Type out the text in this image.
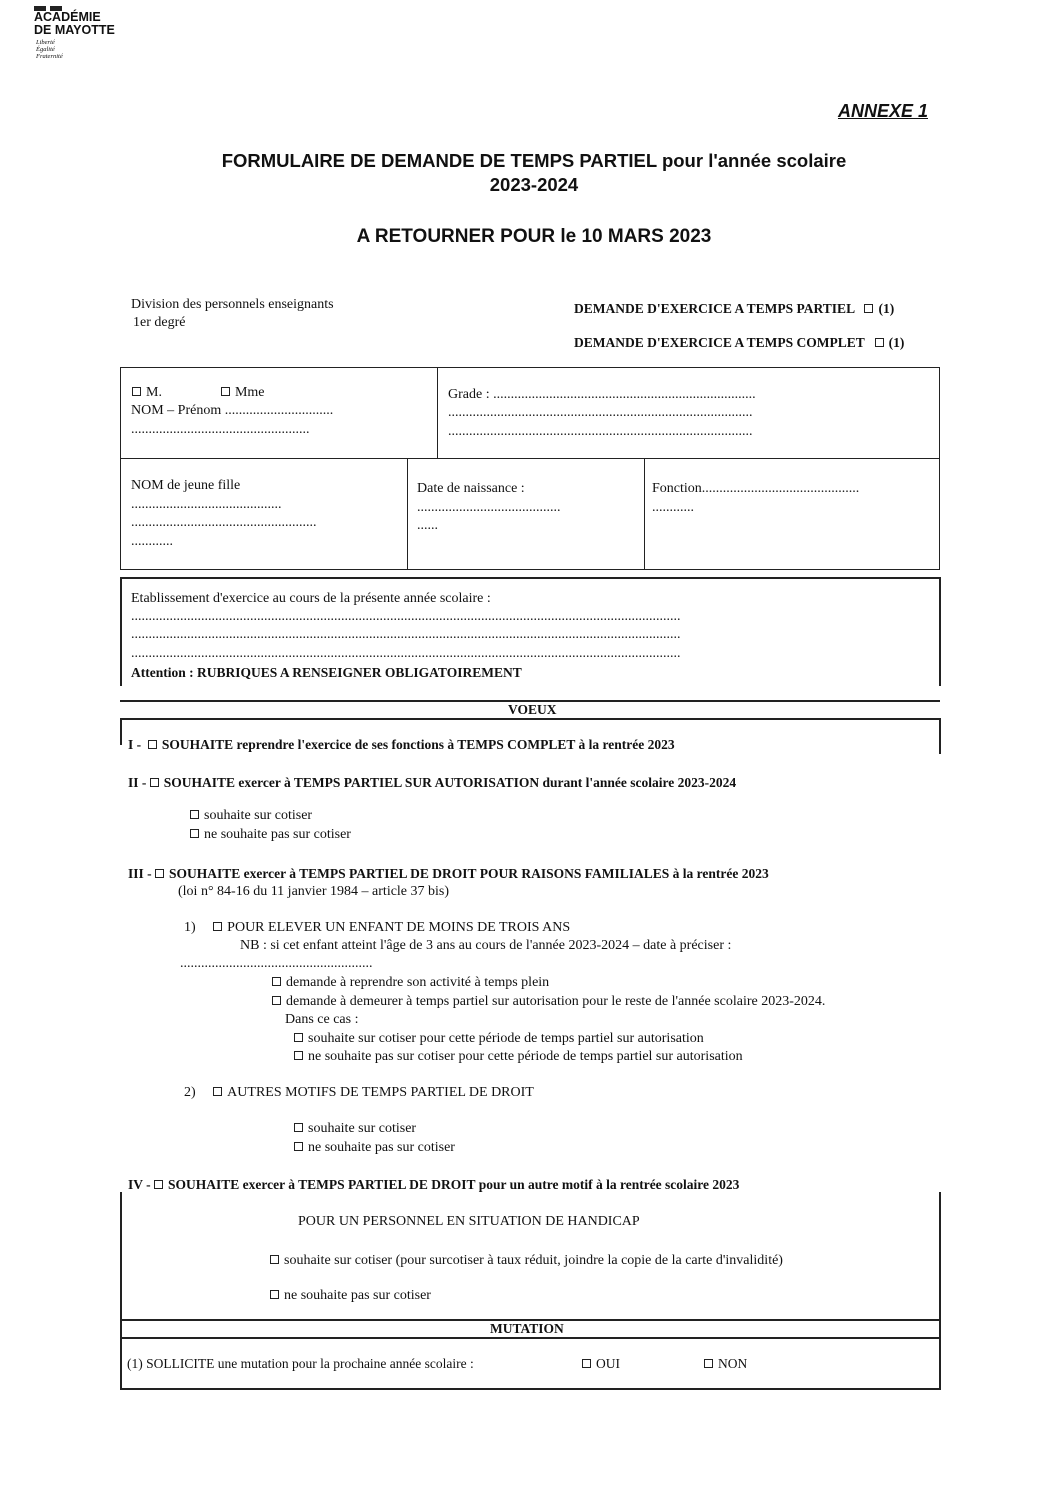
ACADÉMIE
DE MAYOTTE
Liberté
Égalité
Fraternité
ANNEXE 1
FORMULAIRE DE DEMANDE DE TEMPS PARTIEL pour l'année scolaire
2023-2024
A RETOURNER POUR le 10 MARS 2023
Division des personnels enseignants
1er degré
DEMANDE D'EXERCICE A TEMPS PARTIEL (1)
DEMANDE D'EXERCICE A TEMPS COMPLET (1)
M.	Mme
NOM – Prénom ...............................
...................................................
Grade : ...........................................................................
.......................................................................................
.......................................................................................
NOM de jeune fille
...........................................
.....................................................
............
Date de naissance :
.........................................
......
Fonction.............................................
............
Etablissement d'exercice au cours de la présente année scolaire :
.............................................................................................................................................................
.............................................................................................................................................................
.............................................................................................................................................................
Attention : RUBRIQUES A RENSEIGNER OBLIGATOIREMENT
VOEUX
I - SOUHAITE reprendre l'exercice de ses fonctions à TEMPS COMPLET à la rentrée 2023
II - SOUHAITE exercer à TEMPS PARTIEL SUR AUTORISATION durant l'année scolaire 2023-2024
souhaite sur cotiser
ne souhaite pas sur cotiser
III - SOUHAITE exercer à TEMPS PARTIEL DE DROIT POUR RAISONS FAMILIALES à la rentrée 2023
(loi n° 84-16 du 11 janvier 1984 – article 37 bis)
1) POUR ELEVER UN ENFANT DE MOINS DE TROIS ANS
NB : si cet enfant atteint l'âge de 3 ans au cours de l'année 2023-2024 – date à préciser :
.......................................................
demande à reprendre son activité à temps plein
demande à demeurer à temps partiel sur autorisation pour le reste de l'année scolaire 2023-2024.
Dans ce cas :
souhaite sur cotiser pour cette période de temps partiel sur autorisation
ne souhaite pas sur cotiser pour cette période de temps partiel sur autorisation
2) AUTRES MOTIFS DE TEMPS PARTIEL DE DROIT
souhaite sur cotiser
ne souhaite pas sur cotiser
IV - SOUHAITE exercer à TEMPS PARTIEL DE DROIT pour un autre motif à la rentrée scolaire 2023
POUR UN PERSONNEL EN SITUATION DE HANDICAP
souhaite sur cotiser (pour surcotiser à taux réduit, joindre la copie de la carte d'invalidité)
ne souhaite pas sur cotiser
MUTATION
(1) SOLLICITE une mutation pour la prochaine année scolaire :	OUI	NON
